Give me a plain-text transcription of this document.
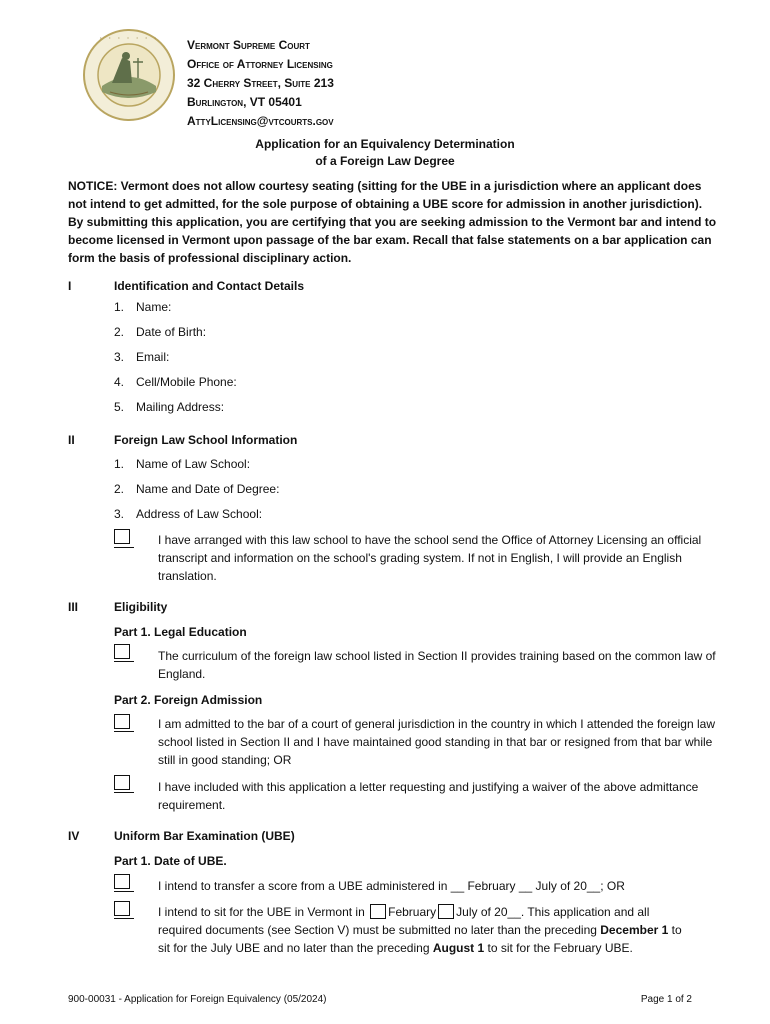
· · · · · · · Vermont Supreme Court
Office of Attorney Licensing
32 Cherry Street, Suite 213
Burlington, VT 05401
AttyLicensing@vtcourts.gov
Application for an Equivalency Determination
of a Foreign Law Degree
NOTICE: Vermont does not allow courtesy seating (sitting for the UBE in a jurisdiction where an applicant does not intend to get admitted, for the sole purpose of obtaining a UBE score for admission in another jurisdiction). By submitting this application, you are certifying that you are seeking admission to the Vermont bar and intend to become licensed in Vermont upon passage of the bar exam. Recall that false statements on a bar application can form the basis of professional disciplinary action.
I	Identification and Contact Details
1. Name:
2. Date of Birth:
3. Email:
4. Cell/Mobile Phone:
5. Mailing Address:
II	Foreign Law School Information
1. Name of Law School:
2. Name and Date of Degree:
3. Address of Law School:
I have arranged with this law school to have the school send the Office of Attorney Licensing an official transcript and information on the school's grading system. If not in English, I will provide an English translation.
III	Eligibility
Part 1. Legal Education
The curriculum of the foreign law school listed in Section II provides training based on the common law of England.
Part 2. Foreign Admission
I am admitted to the bar of a court of general jurisdiction in the country in which I attended the foreign law school listed in Section II and I have maintained good standing in that bar or resigned from that bar while still in good standing; OR
I have included with this application a letter requesting and justifying a waiver of the above admittance requirement.
IV	Uniform Bar Examination (UBE)
Part 1. Date of UBE.
I intend to transfer a score from a UBE administered in __ February __ July of 20__; OR
I intend to sit for the UBE in Vermont in February July of 20__. This application and all
required documents (see Section V) must be submitted no later than the preceding December 1 to
sit for the July UBE and no later than the preceding August 1 to sit for the February UBE.
900-00031 - Application for Foreign Equivalency (05/2024)	Page 1 of 2
